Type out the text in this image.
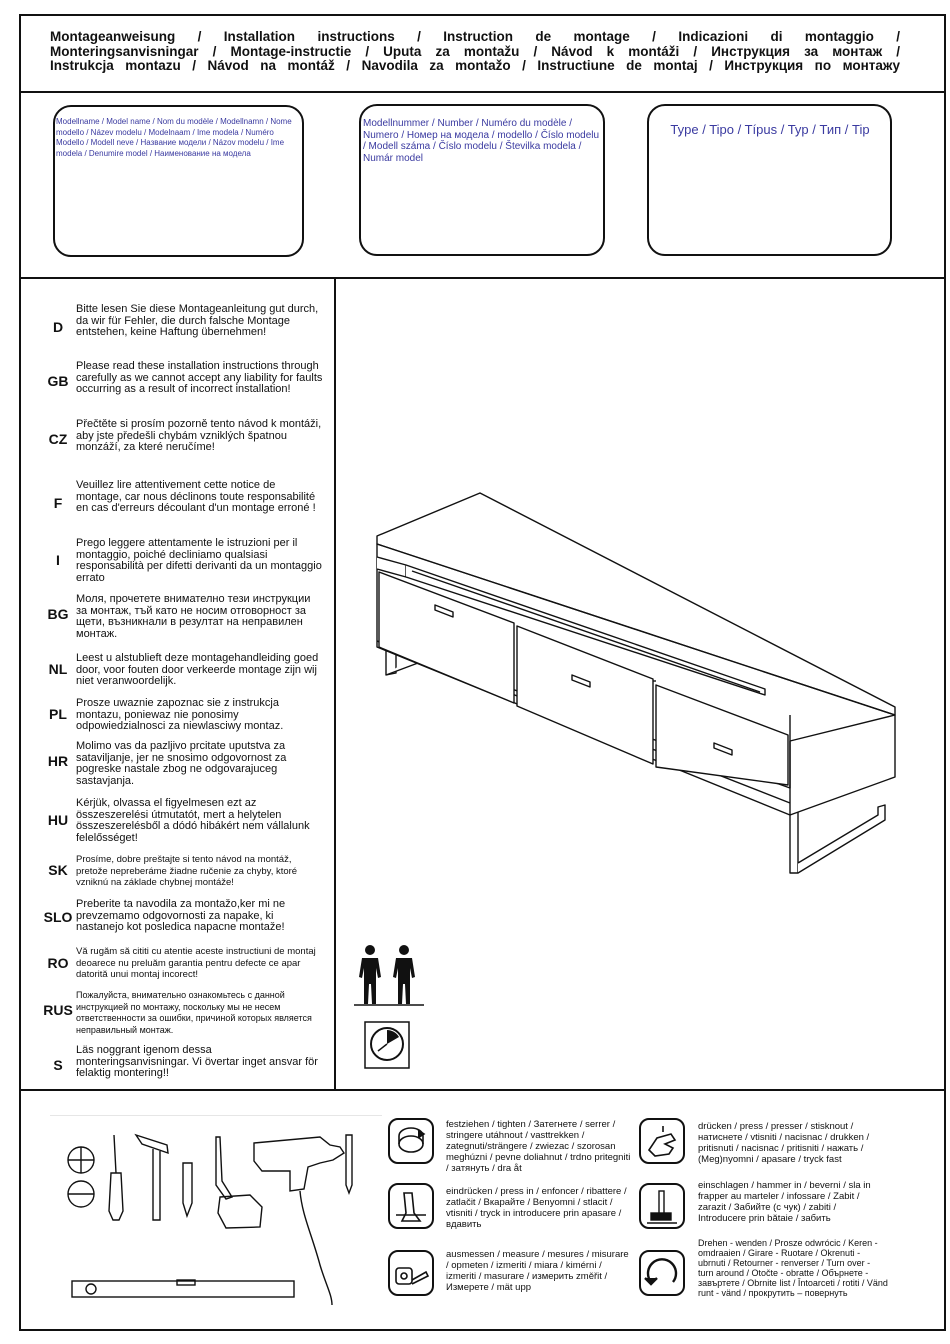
Montageanweisung / Installation instructions / Instruction de montage / Indicazioni di montaggio /
Monteringsanvisningar / Montage-instructie / Uputa za montažu / Návod k montáži / Инструкция за монтаж /
Instrukcja montazu / Návod na montáž / Navodila za montažo / Instructiune de montaj / Инструкция по монтажу
Modellname / Model name / Nom du modèle / Modellnamn / Nome modello / Název modelu / Modelnaam / Ime modela / Numéro Modello / Modell neve / Название модели / Názov modelu / Ime modela / Denumire model / Наименование на модела
Modellnummer / Number / Numéro du modèle / Numero / Номер на модела / modello / Číslo modelu / Modell száma / Číslo modelu / Številka modela / Numár model
Type / Tipo / Típus / Typ / Тип / Tip
D
Bitte lesen Sie diese Montageanleitung gut durch, da wir für Fehler, die durch falsche Montage entstehen, keine Haftung übernehmen!
GB
Please read these installation instructions through carefully as we cannot accept any liability for faults occurring as a result of incorrect installation!
CZ
Přečtěte si prosím pozorně tento návod k montáži, aby jste předešli chybám vzniklých špatnou monzáží, za které neručíme!
F
Veuillez lire attentivement cette notice de montage, car nous déclinons toute responsabilité en cas d'erreurs découlant d'un montage erroné !
I
Prego leggere attentamente le istruzioni per il montaggio, poiché decliniamo qualsiasi responsabilità per difetti derivanti da un montaggio errato
BG
Моля, прочетете внимателно тези инструкции за монтаж, тъй като не носим отговорност за щети, възникнали в резултат на неправилен монтаж.
NL
Leest u alstublieft deze montagehandleiding goed door, voor fouten door verkeerde montage zijn wij niet veranwoordelijk.
PL
Prosze uwaznie zapoznac sie z instrukcja montazu, poniewaz nie ponosimy odpowiedzialnosci za niewlasciwy montaz.
HR
Molimo vas da pazljivo prcitate uputstva za sataviljanje, jer ne snosimo odgovornost za pogreske nastale zbog ne odgovarajuceg sastavjanja.
HU
Kérjük, olvassa el figyelmesen ezt az összeszerelési útmutatót, mert a helytelen összeszerelésből a dódó hibákért nem vállalunk felelősséget!
SK
Prosíme, dobre preštajte si tento návod na montáž, pretože nepreberáme žiadne ručenie za chyby, ktoré vzniknú na základe chybnej montáže!
SLO
Preberite ta navodila za montažo,ker mi ne prevzemamo odgovornosti za napake, ki nastanejo kot posledica napacne montaže!
RO
Vă rugăm să cititi cu atentie aceste instructiuni de montaj deoarece nu preluăm garantia pentru defecte ce apar datorită unui montaj incorect!
RUS
Пожалуйста, внимательно ознакомьтесь с данной инструкцией по монтажу, поскольку мы не несем ответственности за ошибки, причиной которых является неправильный монтаж.
S
Läs noggrant igenom dessa monteringsanvisningar. Vi övertar inget ansvar för felaktig montering!!
festziehen / tighten / Затегнете / serrer / stringere utáhnout / vasttrekken / zategnuti/strängere / zwiezac / szorosan meghúzni / pevne doliahnut / trdno pritegniti / затянуть / dra åt
drücken / press / presser / stisknout / натиснете / vtisniti / nacisnac / drukken / pritisnuti / nacisnac / pritisniti / нажать / (Meg)nyomni / apasare / tryck fast
eindrücken / press in / enfoncer / ribattere / zatlačit / Вкарайте / Benyomni / stlacit / vtisniti / tryck in introducere prin apasare / вдавить
einschlagen / hammer in / beverni / sla in frapper au marteler / infossare / Zabit / zarazit / Забийте (с чук) / zabiti / Introducere prin bătaie / забить
ausmessen / measure / mesures / misurare / opmeten / izmeriti / miara / kimérni / izmeriti / masurare / измерить změřit / Измерете / mät upp
Drehen - wenden / Prosze odwrócic / Keren - omdraaien / Girare - Ruotare / Okrenuti - ubrnuti / Retourner - renverser / Turn over - turn around / Otočte - obratte / Обърнете - завъртете / Obrnite list / Întoarceti / rotiti / Vänd runt - vänd / прокрутить – повернуть
